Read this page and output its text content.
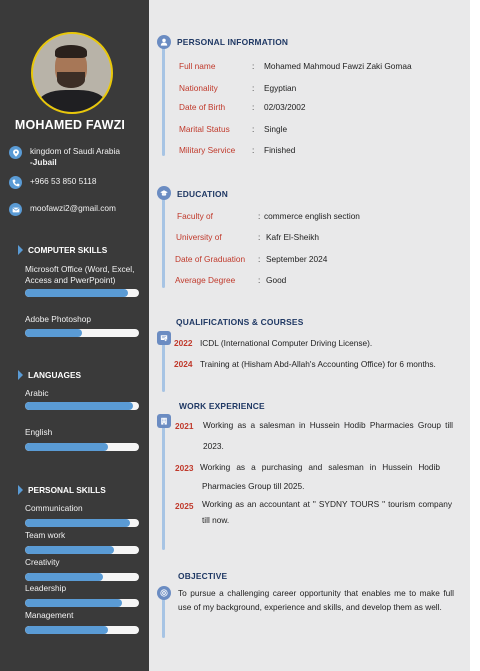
MOHAMED FAWZI
kingdom of Saudi Arabia
-Jubail
+966 53 850 5118
moofawzi2@gmail.com
COMPUTER SKILLS
Microsoft Office (Word, Excel, Access and PwerPpoint)
Adobe Photoshop
LANGUAGES
Arabic
English
PERSONAL SKILLS
Communication
Team work
Creativity
Leadership
Management
PERSONAL INFORMATION
Full name	: Mohamed Mahmoud Fawzi Zaki Gomaa
Nationality	: Egyptian
Date of Birth	: 02/03/2002
Marital Status	: Single
Military Service : Finished
EDUCATION
Faculty of	: commerce english section
University of	: Kafr El-Sheikh
Date of Graduation : September 2024
Average Degree	: Good
QUALIFICATIONS & COURSES
2022 ICDL (International Computer Driving License).
2024 Training at (Hisham Abd-Allah's Accounting Office) for 6 months.
WORK EXPERIENCE
2021 Working as a salesman in Hussein Hodib Pharmacies Group till
2023.
2023 Working as a purchasing and salesman in Hussein Hodib
Pharmacies Group till 2025.
2025 Working as an accountant at " SYDNY TOURS " tourism company
till now.
OBJECTIVE
To pursue a challenging career opportunity that enables me to make full use of my background, experience and skills, and develop them as well.
